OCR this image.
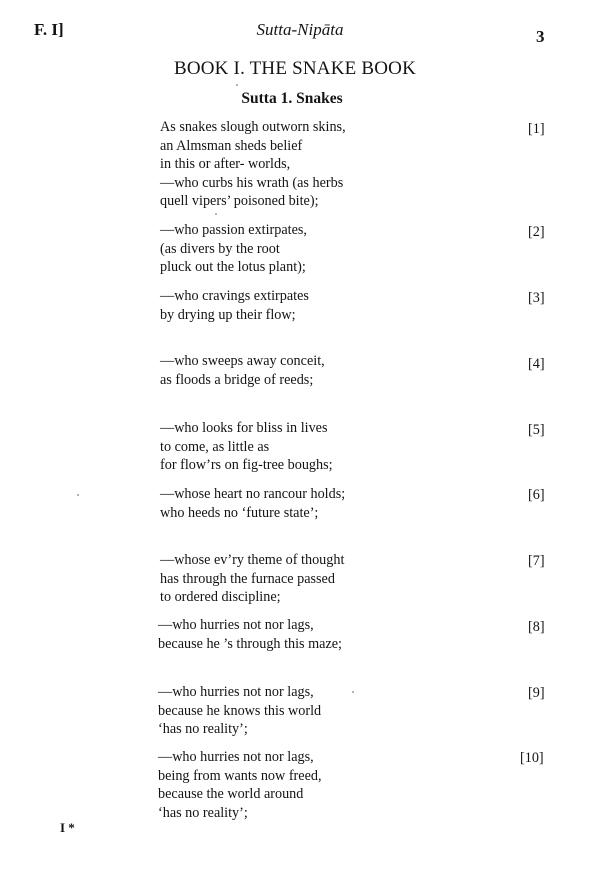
F. I]	Sutta-Nipāta	3
BOOK I. THE SNAKE BOOK
Sutta 1. Snakes
As snakes slough outworn skins,
an Almsman sheds belief
in this or after- worlds,
—who curbs his wrath (as herbs
quell vipers’ poisoned bite);
[1]
—who passion extirpates,
(as divers by the root
pluck out the lotus plant);
[2]
—who cravings extirpates
by drying up their flow;
[3]
—who sweeps away conceit,
as floods a bridge of reeds;
[4]
—who looks for bliss in lives
to come, as little as
for flow’rs on fig-tree boughs;
[5]
—whose heart no rancour holds;
who heeds no ‘future state’;
[6]
—whose ev’ry theme of thought
has through the furnace passed
to ordered discipline;
[7]
—who hurries not nor lags,
because he ’s through this maze;
[8]
—who hurries not nor lags,
because he knows this world
‘has no reality’;
[9]
—who hurries not nor lags,
being from wants now freed,
because the world around
‘has no reality’;
[10]
I *
